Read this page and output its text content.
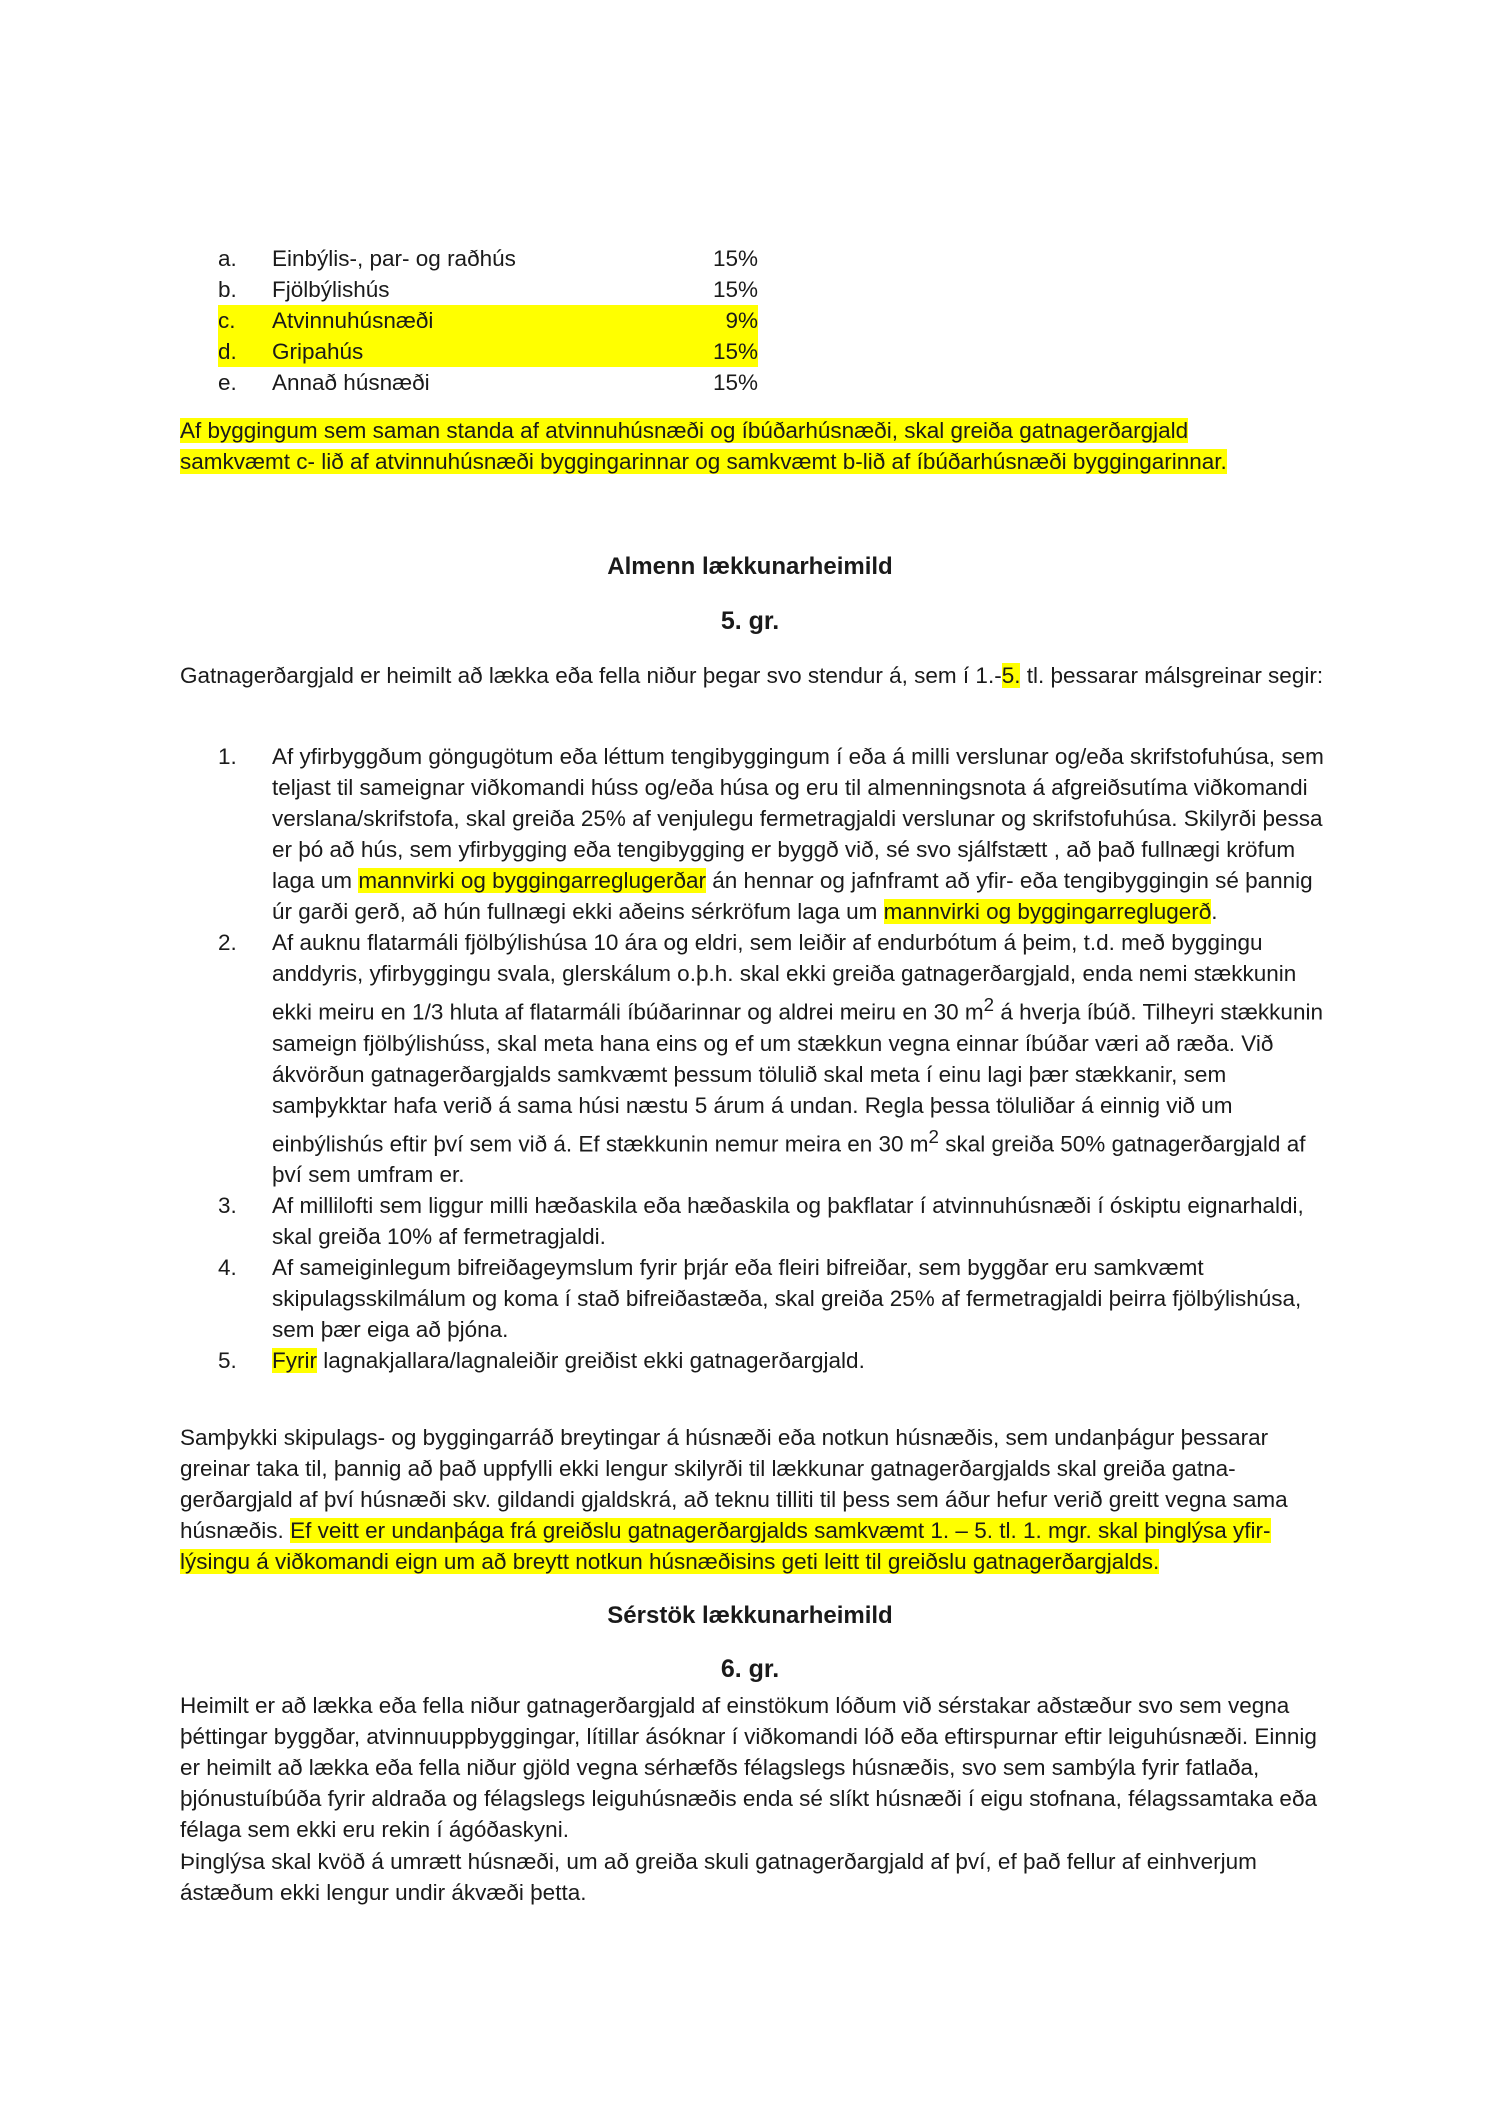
a.	Einbýlis-, par- og raðhús	15%
b.	Fjölbýlishús	15%
c.	Atvinnuhúsnæði	9%
d.	Gripahús	15%
e.	Annað húsnæði	15%
Af byggingum sem saman standa af atvinnuhúsnæði og íbúðarhúsnæði, skal greiða gatnagerðargjald
samkvæmt c- lið af atvinnuhúsnæði byggingarinnar og samkvæmt b-lið af íbúðarhúsnæði byggingarinnar.
Almenn lækkunarheimild
5. gr.

Gatnagerðargjald er heimilt að lækka eða fella niður þegar svo stendur á, sem í 1.-5. tl. þessarar málsgreinar segir:

1.	Af yfirbyggðum göngugötum eða léttum tengibyggingum í eða á milli verslunar og/eða skrifstofuhúsa, sem teljast til sameignar viðkomandi húss og/eða húsa og eru til almenningsnota á afgreiðsutíma viðkomandi verslana/skrifstofa, skal greiða 25% af venjulegu fermetragjaldi verslunar og skrifstofuhúsa. Skilyrði þessa er þó að hús, sem yfirbygging eða tengibygging er byggð við, sé svo sjálfstætt , að það fullnægi kröfum laga um mannvirki og byggingarreglugerðar án hennar og jafnframt að yfir- eða tengibyggingin sé þannig úr garði gerð, að hún fullnægi ekki aðeins sérkröfum laga um mannvirki og byggingarreglugerð.
2.	Af auknu flatarmáli fjölbýlishúsa 10 ára og eldri, sem leiðir af endurbótum á þeim, t.d. með byggingu anddyris, yfirbyggingu svala, glerskálum o.þ.h. skal ekki greiða gatnagerðargjald, enda nemi stækkunin ekki meiru en 1/3 hluta af flatarmáli íbúðarinnar og aldrei meiru en 30 $m^2$ á hverja íbúð. Tilheyri stækkunin sameign fjölbýlishúss, skal meta hana eins og ef um stækkun vegna einnar íbúðar væri að ræða. Við ákvörðun gatnagerðargjalds samkvæmt þessum tölulið skal meta í einu lagi þær stækkanir, sem samþykktar hafa verið á sama húsi næstu 5 árum á undan. Regla þessa töluliðar á einnig við um einbýlishús eftir því sem við á. Ef stækkunin nemur meira en 30 $m^2$ skal greiða 50% gatnagerðargjald af því sem umfram er.
3.	Af millilofti sem liggur milli hæðaskila eða hæðaskila og þakflatar í atvinnuhúsnæði í óskiptu eignarhaldi, skal greiða 10% af fermetragjaldi.
4.	Af sameiginlegum bifreiðageymslum fyrir þrjár eða fleiri bifreiðar, sem byggðar eru samkvæmt skipulagsskilmálum og koma í stað bifreiðastæða, skal greiða 25% af fermetragjaldi þeirra fjölbýlishúsa, sem þær eiga að þjóna.
5.	Fyrir lagnakjallara/lagnaleiðir greiðist ekki gatnagerðargjald.

Samþykki skipulags- og byggingarráð breytingar á húsnæði eða notkun húsnæðis, sem undanþágur þessarar greinar taka til, þannig að það uppfylli ekki lengur skilyrði til lækkunar gatnagerðargjalds skal greiða gatna-gerðargjald af því húsnæði skv. gildandi gjaldskrá, að teknu tilliti til þess sem áður hefur verið greitt vegna sama húsnæðis. Ef veitt er undanþága frá greiðslu gatnagerðargjalds samkvæmt 1. – 5. tl. 1. mgr. skal þinglýsa yfir-lýsingu á viðkomandi eign um að breytt notkun húsnæðisins geti leitt til greiðslu gatnagerðargjalds.

Sérstök lækkunarheimild
6. gr.

Heimilt er að lækka eða fella niður gatnagerðargjald af einstökum lóðum við sérstakar aðstæður svo sem vegna þéttingar byggðar, atvinnuuppbyggingar, lítillar ásóknar í viðkomandi lóð eða eftirspurnar eftir leiguhúsnæði. Einnig er heimilt að lækka eða fella niður gjöld vegna sérhæfðs félagslegs húsnæðis, svo sem sambýla fyrir fatlaða, þjónustuíbúða fyrir aldraða og félagslegs leiguhúsnæðis enda sé slíkt húsnæði í eigu stofnana, félagssamtaka eða félaga sem ekki eru rekin í ágóðaskyni.

Þinglýsa skal kvöð á umrætt húsnæði, um að greiða skuli gatnagerðargjald af því, ef það fellur af einhverjum ástæðum ekki lengur undir ákvæði þetta.
